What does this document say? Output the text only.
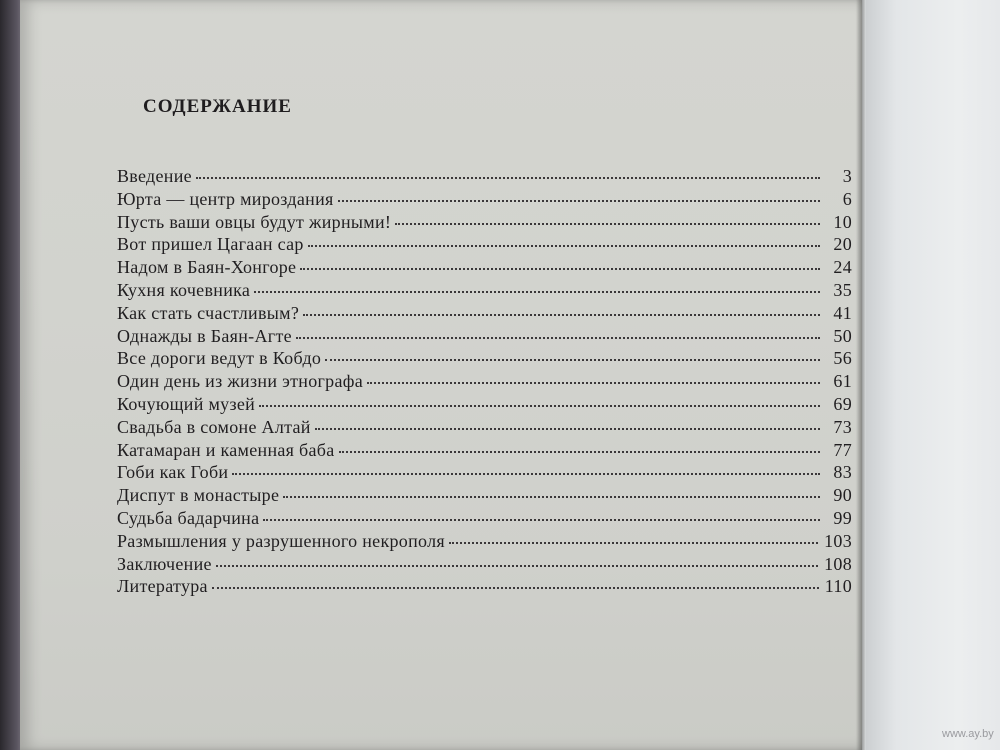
СОДЕРЖАНИЕ
Введение	3
Юрта — центр мироздания	6
Пусть ваши овцы будут жирными!	10
Вот пришел Цагаан сар	20
Надом в Баян-Хонгоре	24
Кухня кочевника	35
Как стать счастливым?	41
Однажды в Баян-Агте	50
Все дороги ведут в Кобдо	56
Один день из жизни этнографа	61
Кочующий музей	69
Свадьба в сомоне Алтай	73
Катамаран и каменная баба	77
Гоби как Гоби	83
Диспут в монастыре	90
Судьба бадарчина	99
Размышления у разрушенного некрополя	103
Заключение	108
Литература	110
www.ay.by
